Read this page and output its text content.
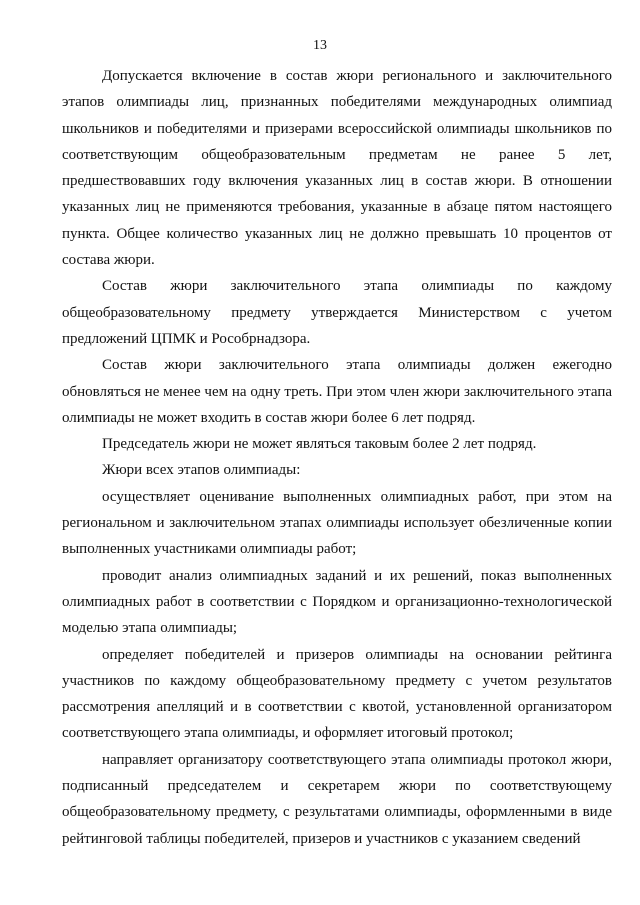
13

Допускается включение в состав жюри регионального и заключительного этапов олимпиады лиц, признанных победителями международных олимпиад школьников и победителями и призерами всероссийской олимпиады школьников по соответствующим общеобразовательным предметам не ранее 5 лет, предшествовавших году включения указанных лиц в состав жюри. В отношении указанных лиц не применяются требования, указанные в абзаце пятом настоящего пункта. Общее количество указанных лиц не должно превышать 10 процентов от состава жюри.

Состав жюри заключительного этапа олимпиады по каждому общеобразовательному предмету утверждается Министерством с учетом предложений ЦПМК и Рособрнадзора.

Состав жюри заключительного этапа олимпиады должен ежегодно обновляться не менее чем на одну треть. При этом член жюри заключительного этапа олимпиады не может входить в состав жюри более 6 лет подряд.

Председатель жюри не может являться таковым более 2 лет подряд.

Жюри всех этапов олимпиады:

осуществляет оценивание выполненных олимпиадных работ, при этом на региональном и заключительном этапах олимпиады использует обезличенные копии выполненных участниками олимпиады работ;

проводит анализ олимпиадных заданий и их решений, показ выполненных олимпиадных работ в соответствии с Порядком и организационно-технологической моделью этапа олимпиады;

определяет победителей и призеров олимпиады на основании рейтинга участников по каждому общеобразовательному предмету с учетом результатов рассмотрения апелляций и в соответствии с квотой, установленной организатором соответствующего этапа олимпиады, и оформляет итоговый протокол;

направляет организатору соответствующего этапа олимпиады протокол жюри, подписанный председателем и секретарем жюри по соответствующему общеобразовательному предмету, с результатами олимпиады, оформленными в виде рейтинговой таблицы победителей, призеров и участников с указанием сведений
